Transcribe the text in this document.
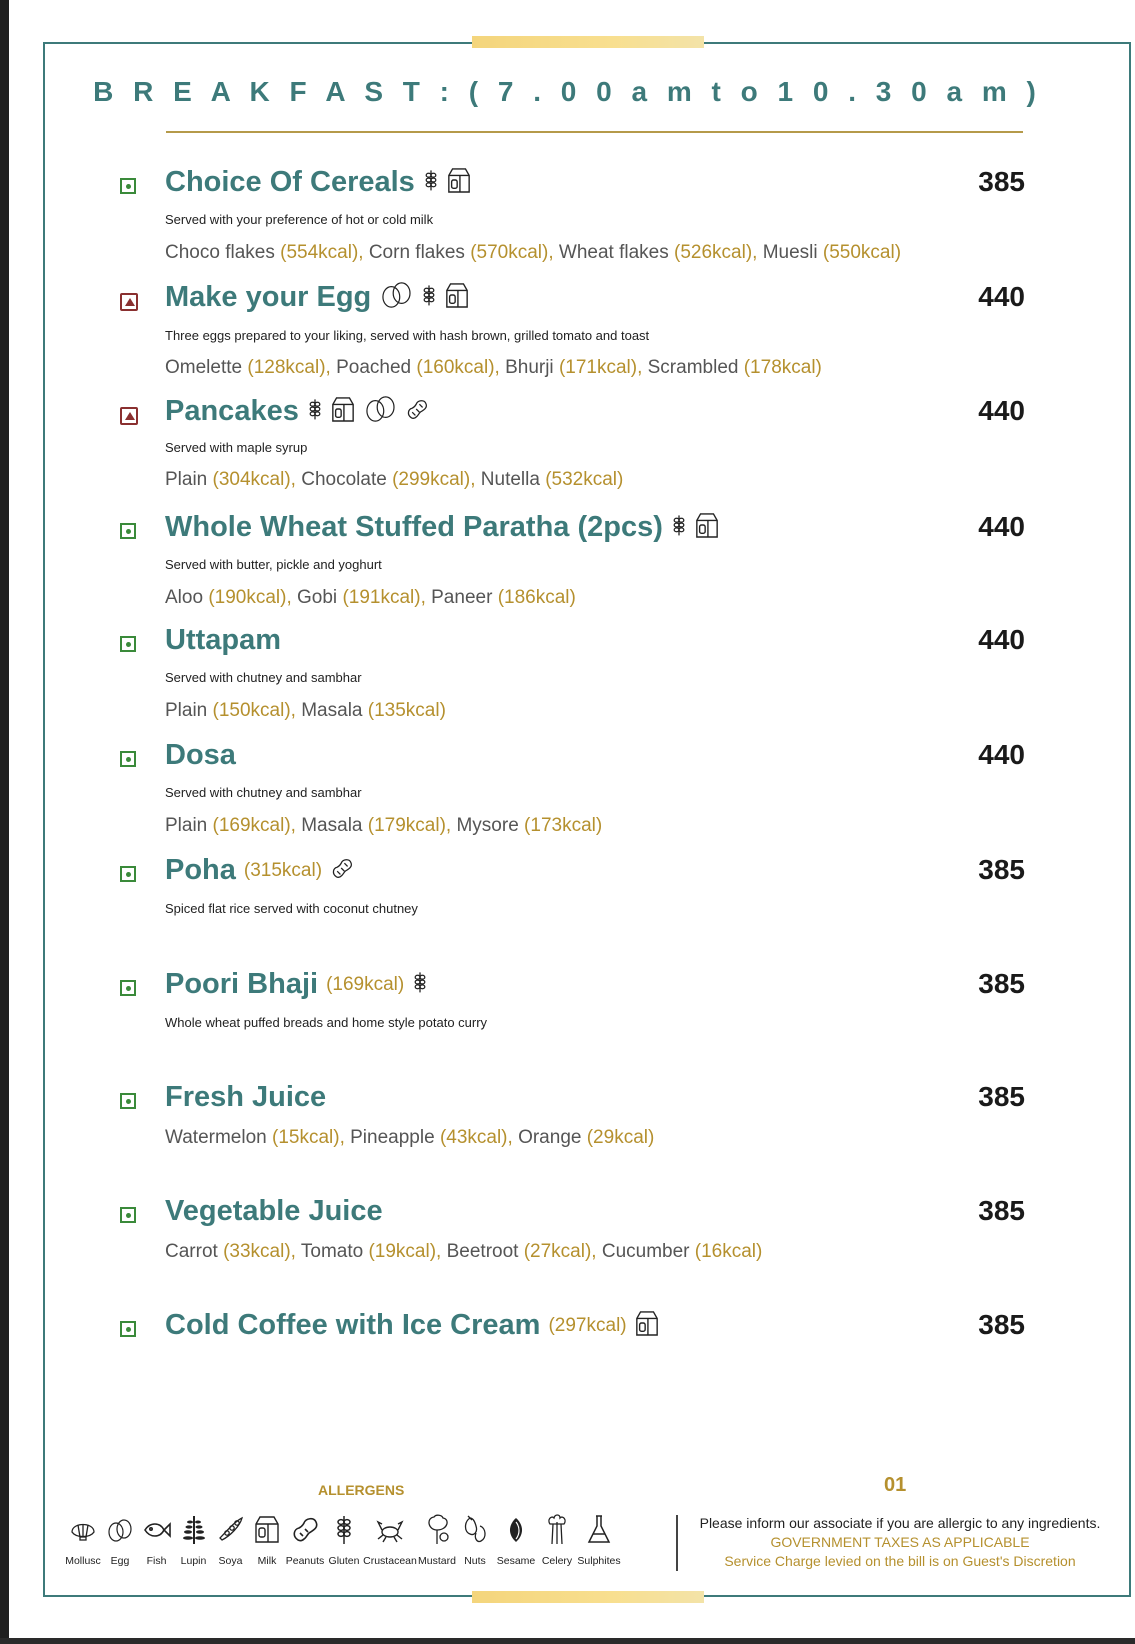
B R E A K F A S T : ( 7 . 0 0 a m t o 1 0 . 3 0 a m )
Choice Of Cereals	385
Served with your preference of hot or cold milk
Choco flakes (554kcal), Corn flakes (570kcal), Wheat flakes (526kcal), Muesli (550kcal)
Make your Egg	440
Three eggs prepared to your liking, served with hash brown, grilled tomato and toast
Omelette (128kcal), Poached (160kcal), Bhurji (171kcal), Scrambled (178kcal)
Pancakes	440
Served with maple syrup
Plain (304kcal), Chocolate (299kcal), Nutella (532kcal)
Whole Wheat Stuffed Paratha (2pcs)	440
Served with butter, pickle and yoghurt
Aloo (190kcal), Gobi (191kcal), Paneer (186kcal)
Uttapam	440
Served with chutney and sambhar
Plain (150kcal), Masala (135kcal)
Dosa	440
Served with chutney and sambhar
Plain (169kcal), Masala (179kcal), Mysore (173kcal)
Poha (315kcal)	385
Spiced flat rice served with coconut chutney
Poori Bhaji (169kcal)	385
Whole wheat puffed breads and home style potato curry
Fresh Juice	385
Watermelon (15kcal), Pineapple (43kcal), Orange (29kcal)
Vegetable Juice	385
Carrot (33kcal), Tomato (19kcal), Beetroot (27kcal), Cucumber (16kcal)
Cold Coffee with Ice Cream (297kcal)	385
ALLERGENS	01
Mollusc Egg Fish Lupin Soya Milk Peanuts Gluten Crustacean Mustard Nuts Sesame Celery Sulphites
Please inform our associate if you are allergic to any ingredients.
GOVERNMENT TAXES AS APPLICABLE
Service Charge levied on the bill is on Guest's Discretion
